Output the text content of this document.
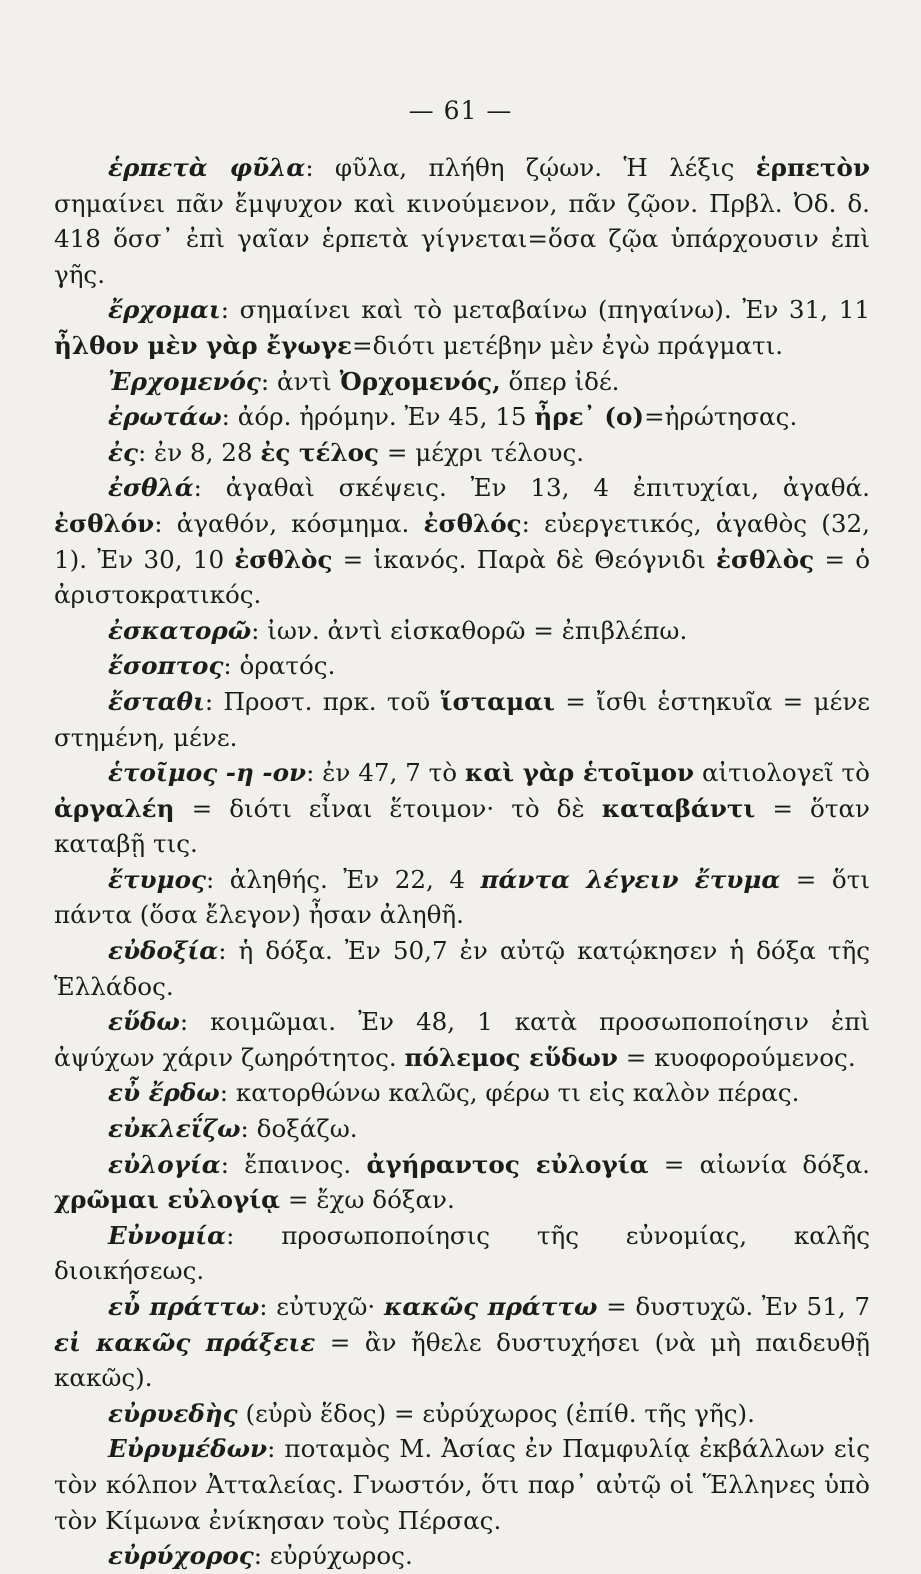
— 61 —

ἑρπετὰ φῦλα: φῦλα, πλήθη ζῴων. Ἡ λέξις ἑρπετὸν σημαίνει πᾶν ἔμψυχον καὶ κινούμενον, πᾶν ζῷον. Πρβλ. Ὀδ. δ. 418 ὅσσ᾽ ἐπὶ γαῖαν ἑρπετὰ γίγνεται=ὅσα ζῷα ὑπάρχουσιν ἐπὶ γῆς.

ἔρχομαι: σημαίνει καὶ τὸ μεταβαίνω (πηγαίνω). Ἐν 31, 11 ἦλθον μὲν γὰρ ἔγωγε=διότι μετέβην μὲν ἐγὼ πράγματι.

Ἐρχομενός: ἀντὶ Ὀρχομενός, ὅπερ ἰδέ.

ἐρωτάω: ἀόρ. ἠρόμην. Ἐν 45, 15 ἦρε᾽ (ο)=ἠρώτησας.

ἐς: ἐν 8, 28 ἐς τέλος = μέχρι τέλους.

ἐσθλά: ἀγαθαὶ σκέψεις. Ἐν 13, 4 ἐπιτυχίαι, ἀγαθά. ἐσθλόν: ἀγαθόν, κόσμημα. ἐσθλός: εὐεργετικός, ἀγαθὸς (32, 1). Ἐν 30, 10 ἐσθλὸς = ἱκανός. Παρὰ δὲ Θεόγνιδι ἐσθλὸς = ὁ ἀριστοκρατικός.

ἐσκατορῶ: ἰων. ἀντὶ εἰσκαθορῶ = ἐπιβλέπω.

ἔσοπτος: ὁρατός.

ἔσταθι: Προστ. πρκ. τοῦ ἵσταμαι = ἴσθι ἑστηκυῖα = μένε στημένη, μένε.

ἑτοῖμος -η -ον: ἐν 47, 7 τὸ καὶ γὰρ ἑτοῖμον αἰτιολογεῖ τὸ ἀργαλέη = διότι εἶναι ἕτοιμον· τὸ δὲ καταβάντι = ὅταν καταβῇ τις.

ἔτυμος: ἀληθής. Ἐν 22, 4 πάντα λέγειν ἔτυμα = ὅτι πάντα (ὅσα ἔλεγον) ἦσαν ἀληθῆ.

εὐδοξία: ἡ δόξα. Ἐν 50,7 ἐν αὐτῷ κατῴκησεν ἡ δόξα τῆς Ἑλλάδος.

εὕδω: κοιμῶμαι. Ἐν 48, 1 κατὰ προσωποποίησιν ἐπὶ ἀψύχων χάριν ζωηρότητος. πόλεμος εὕδων = κυοφορούμενος.

εὖ ἔρδω: κατορθώνω καλῶς, φέρω τι εἰς καλὸν πέρας.

εὐκλεΐζω: δοξάζω.

εὐλογία: ἔπαινος. ἀγήραντος εὐλογία = αἰωνία δόξα. χρῶμαι εὐλογίᾳ = ἔχω δόξαν.

Εὐνομία: προσωποποίησις τῆς εὐνομίας, καλῆς διοικήσεως.

εὖ πράττω: εὐτυχῶ· κακῶς πράττω = δυστυχῶ. Ἐν 51, 7 εἰ κακῶς πράξειε = ἂν ἤθελε δυστυχήσει (νὰ μὴ παιδευθῇ κακῶς).

εὐρυεδὴς (εὐρὺ ἕδος) = εὐρύχωρος (ἐπίθ. τῆς γῆς).

Εὐρυμέδων: ποταμὸς Μ. Ἀσίας ἐν Παμφυλίᾳ ἐκβάλλων εἰς τὸν κόλπον Ἀτταλείας. Γνωστόν, ὅτι παρ᾽ αὐτῷ οἱ Ἕλληνες ὑπὸ τὸν Κίμωνα ἐνίκησαν τοὺς Πέρσας.

εὐρύχορος: εὐρύχωρος.
